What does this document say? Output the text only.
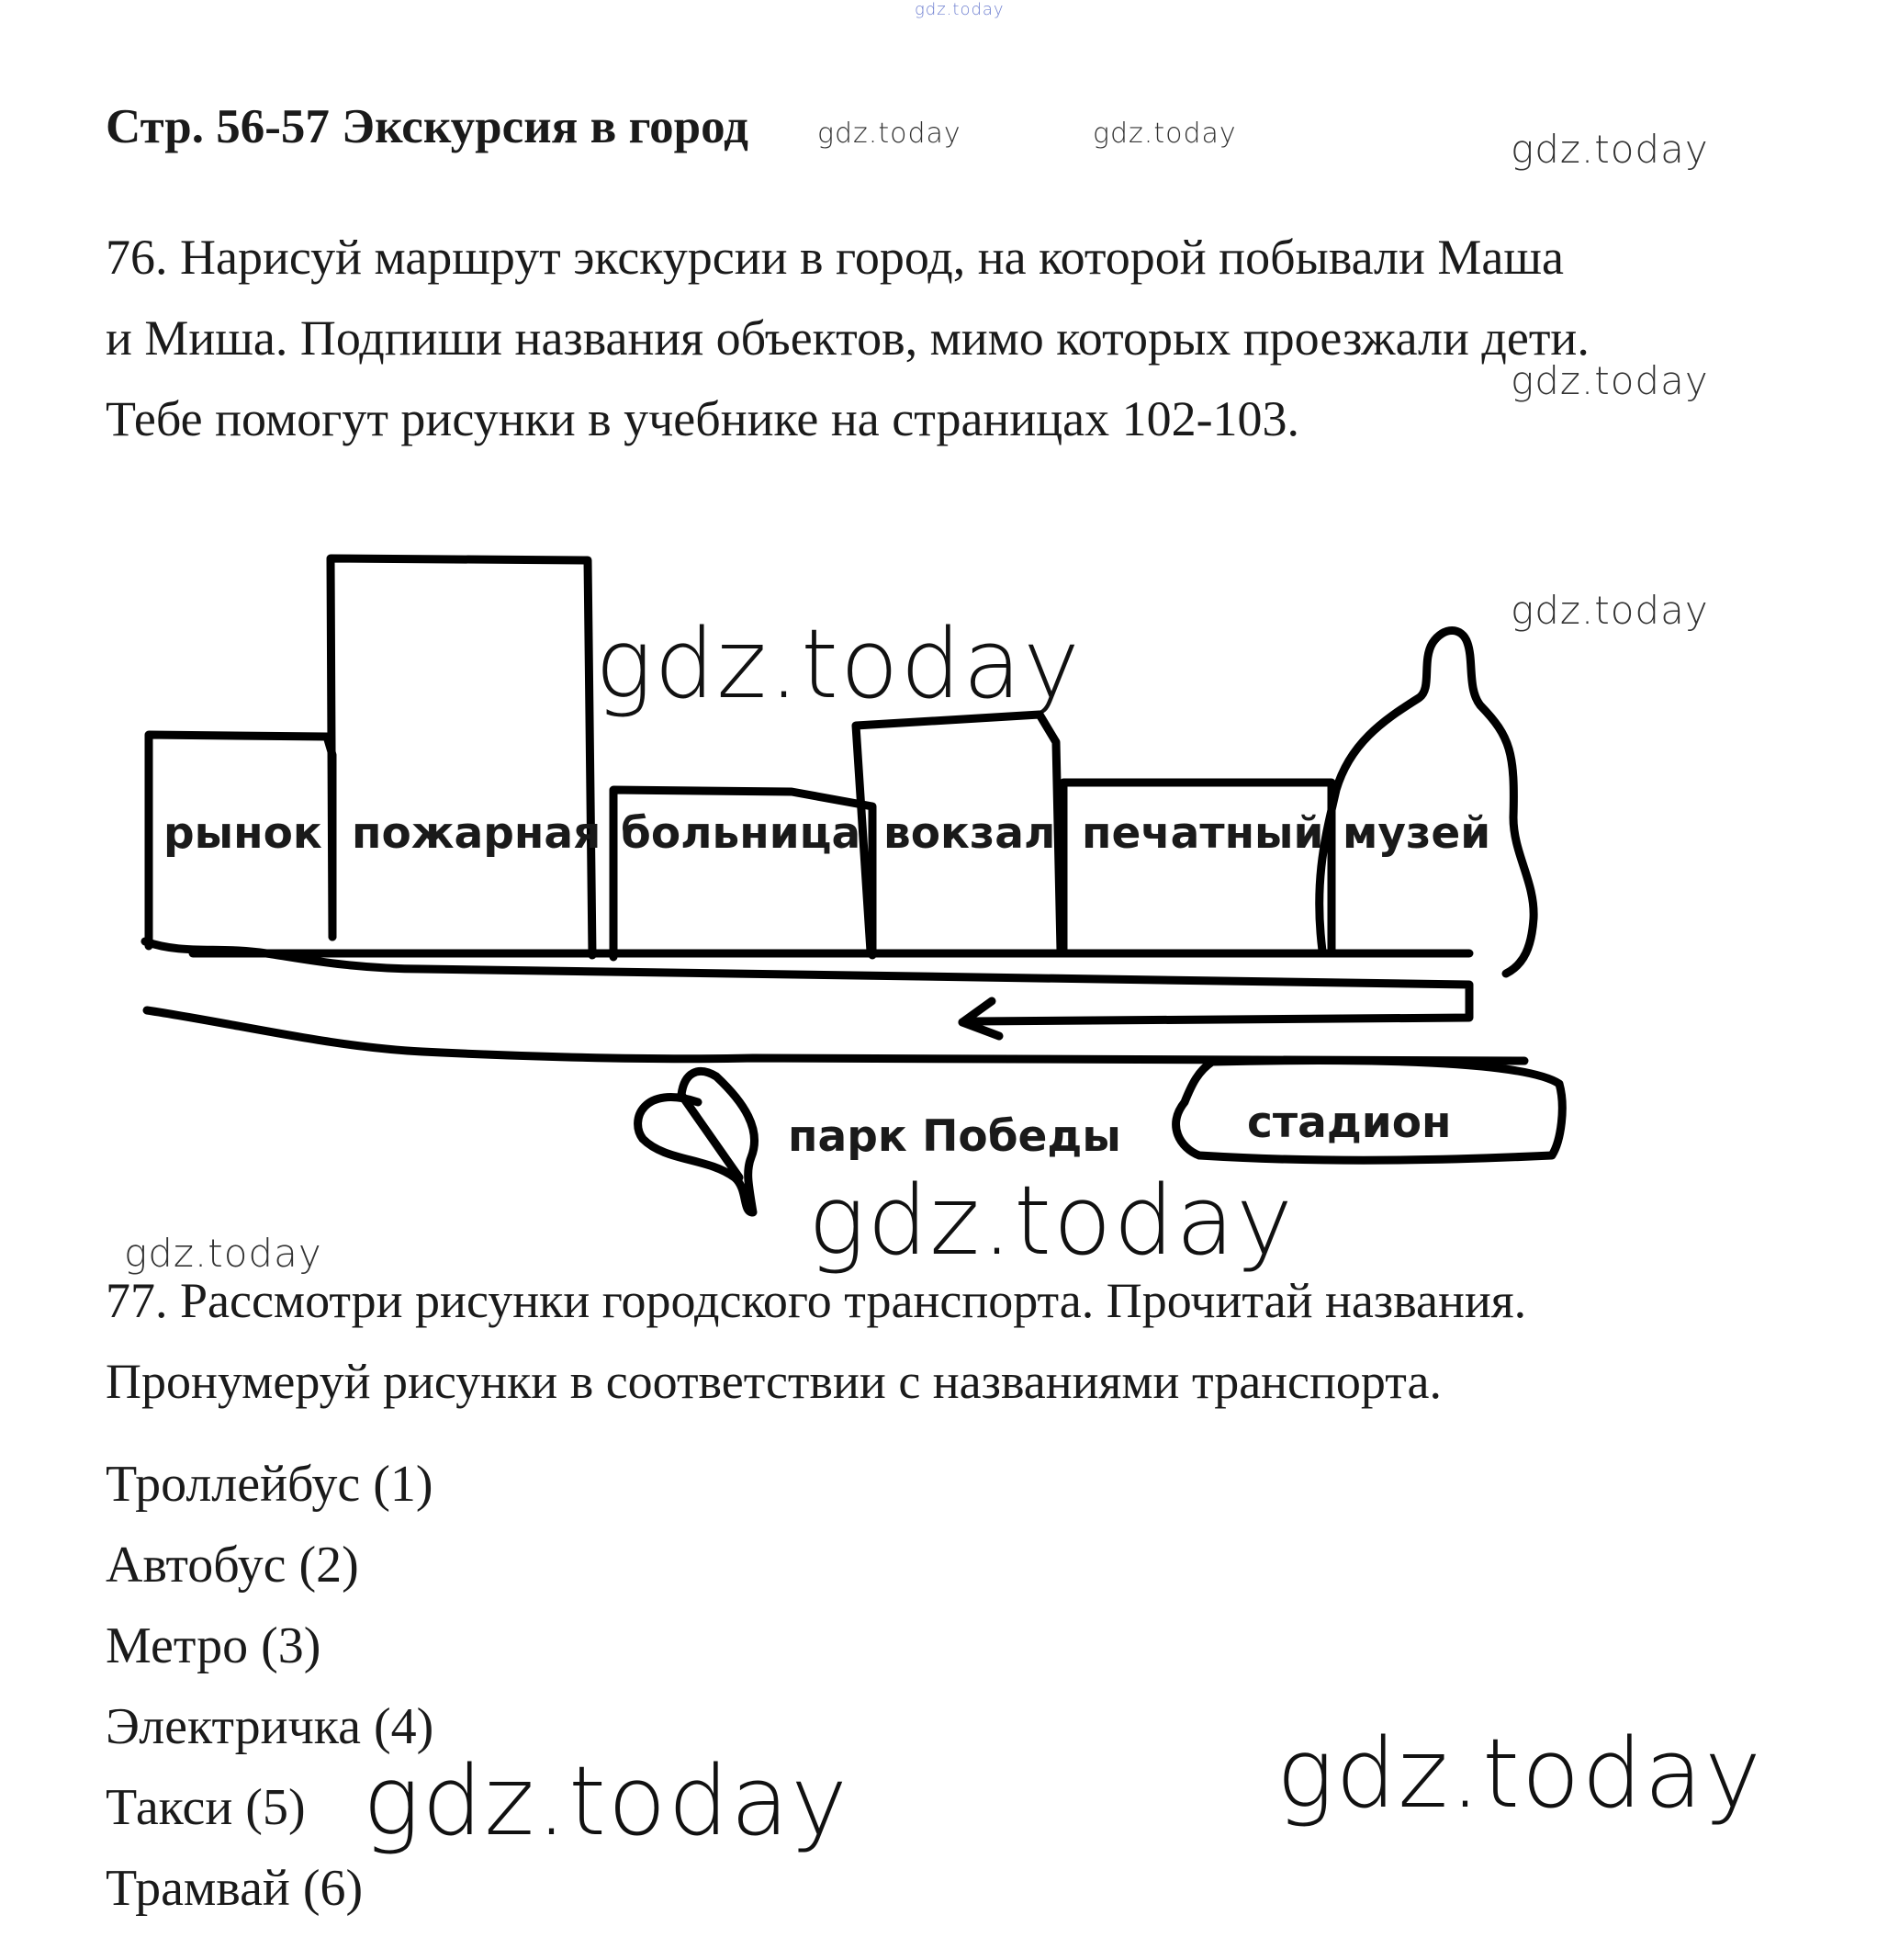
gdz.today
gdz.today	gdz.today	gdz.today
gdz.today
gdz.today
gdz.today
gdz.today
gdz.today
gdz.today	gdz.today
Стр. 56-57 Экскурсия в город
76. Нарисуй маршрут экскурсии в город, на которой побывали Маша
и Миша. Подпиши названия объектов, мимо которых проезжали дети.
Тебе помогут рисунки в учебнике на страницах 102-103.
рынок пожарная больница вокзал печатный музей
парк Победы	стадион
77. Рассмотри рисунки городского транспорта. Прочитай названия.
Пронумеруй рисунки в соответствии с названиями транспорта.
Троллейбус (1)
Автобус (2)
Метро (3)
Электричка (4)
Такси (5)
Трамвай (6)
